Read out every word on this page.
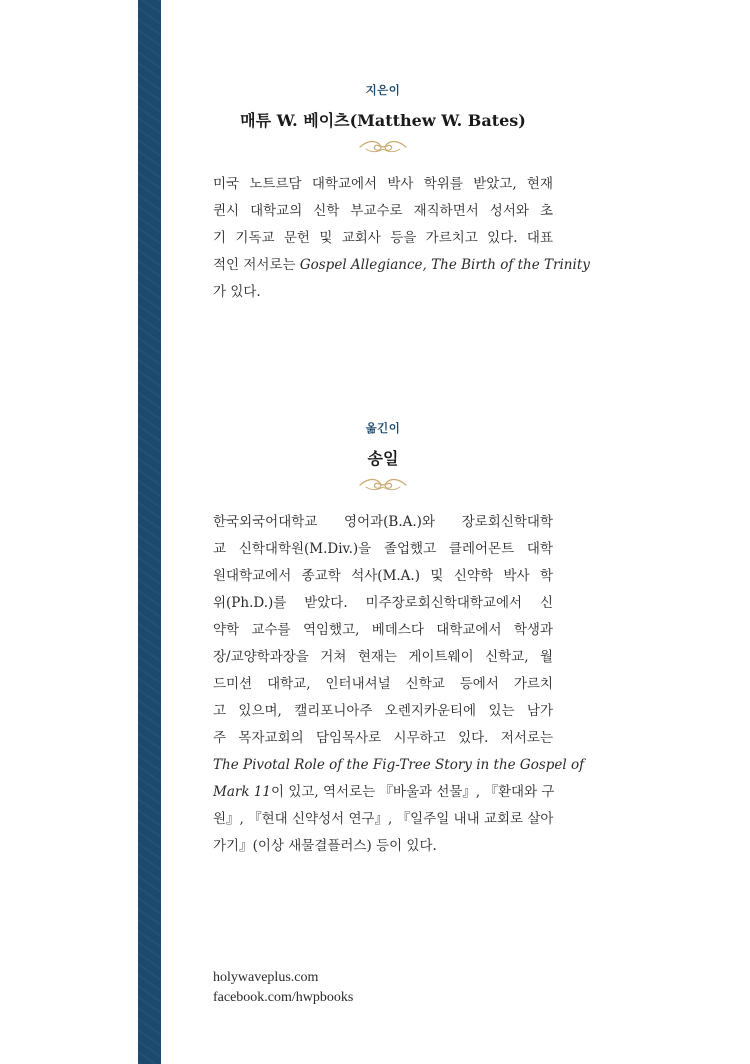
지은이
매튜 W. 베이츠(Matthew W. Bates)
미국 노트르담 대학교에서 박사 학위를 받았고, 현재
퀸시 대학교의 신학 부교수로 재직하면서 성서와 초
기 기독교 문헌 및 교회사 등을 가르치고 있다. 대표
적인 저서로는 Gospel Allegiance, The Birth of the Trinity
가 있다.
옮긴이
송일
한국외국어대학교 영어과(B.A.)와 장로회신학대학
교 신학대학원(M.Div.)을 졸업했고 클레어몬트 대학
원대학교에서 종교학 석사(M.A.) 및 신약학 박사 학
위(Ph.D.)를 받았다. 미주장로회신학대학교에서 신
약학 교수를 역임했고, 베데스다 대학교에서 학생과
장/교양학과장을 거쳐 현재는 게이트웨이 신학교, 월
드미션 대학교, 인터내셔널 신학교 등에서 가르치
고 있으며, 캘리포니아주 오렌지카운티에 있는 남가
주 목자교회의 담임목사로 시무하고 있다. 저서로는
The Pivotal Role of the Fig-Tree Story in the Gospel of
Mark 11이 있고, 역서로는 『바울과 선물』, 『환대와 구
원』, 『현대 신약성서 연구』, 『일주일 내내 교회로 살아
가기』(이상 새물결플러스) 등이 있다.
holywaveplus.com
facebook.com/hwpbooks
